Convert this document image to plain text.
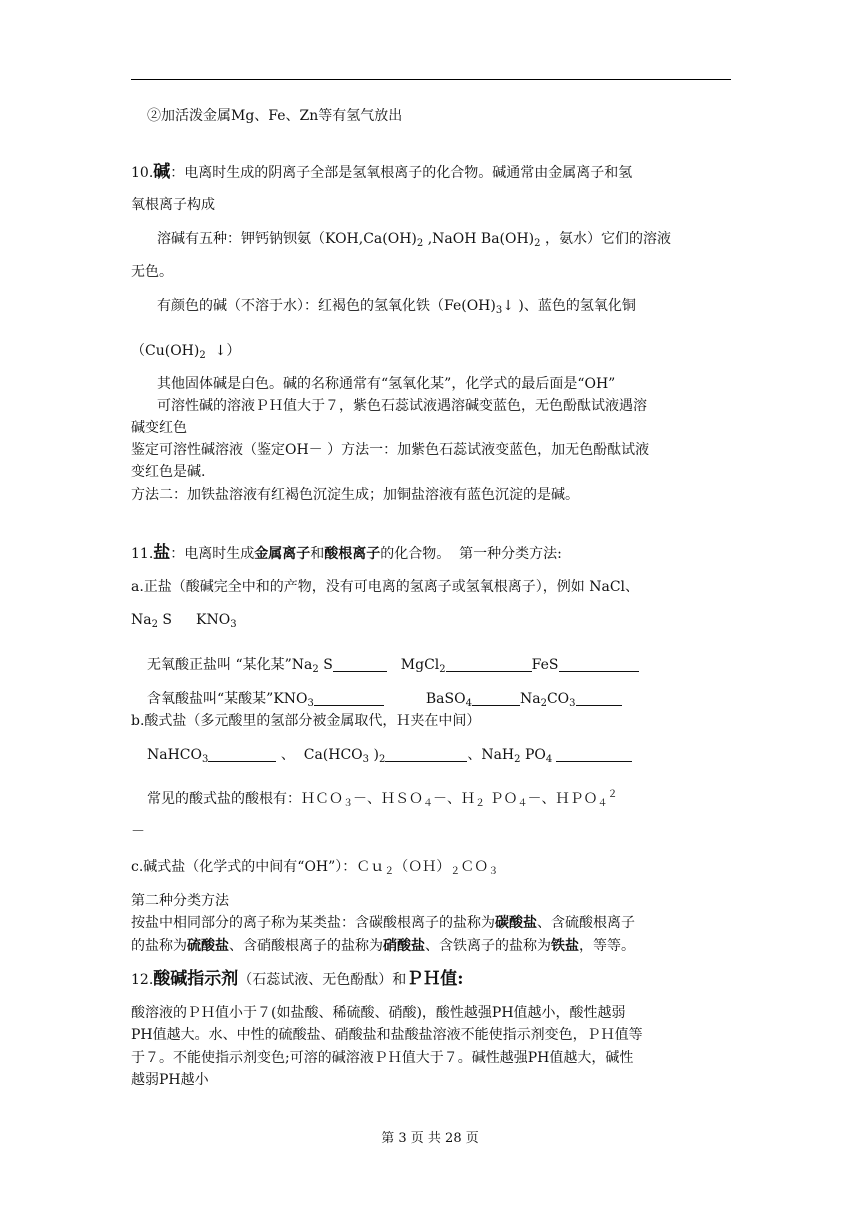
②加活泼金属Mg、Fe、Zn等有氢气放出
10.碱：电离时生成的阴离子全部是氢氧根离子的化合物。碱通常由金属离子和氢
氧根离子构成
溶碱有五种：钾钙钠钡氨（$KOH,Ca(OH)_2$ ,NaOH $Ba(OH)_2$ ，氨水）它们的溶液
无色。
有颜色的碱（不溶于水）：红褐色的氢氧化铁（$Fe(OH)_3↓$ )、蓝色的氢氧化铜
（$Cu(OH)_2$  ↓）
其他固体碱是白色。碱的名称通常有“氢氧化某”，化学式的最后面是“OH”
可溶性碱的溶液ＰＨ值大于７，紫色石蕊试液遇溶碱变蓝色，无色酚酞试液遇溶
碱变红色
鉴定可溶性碱溶液（鉴定OH－ ）方法一：加紫色石蕊试液变蓝色，加无色酚酞试液
变红色是碱.
方法二：加铁盐溶液有红褐色沉淀生成；加铜盐溶液有蓝色沉淀的是碱。
11.盐：电离时生成金属离子和酸根离子的化合物。  第一种分类方法:
a.正盐（酸碱完全中和的产物，没有可电离的氢离子或氢氧根离子），例如 NaCl、
$Na_2$ S $KNO_3$
无氧酸正盐叫 “某化某$”Na_2$ S	MgCl$_2$	FeS
含氧酸盐叫“某酸某$”KNO_3$	BaSO$_4$	$Na_2CO_3$
b.酸式盐（多元酸里的氢部分被金属取代，Ｈ夹在中间）
NaHCO$_3$	、  $Ca(HCO_3$ )$_2$	、NaH$_2$ $PO_4$
常见的酸式盐的酸根有：ＨＣＯ$_3$－、ＨＳＯ$_4$－、Ｈ$_2$ ＰＯ$_4$－、ＨＰＯ$_4^2$
－
c.碱式盐（化学式的中间有“OH”）：$Cu_2(OH)_2CO_3$
第二种分类方法
按盐中相同部分的离子称为某类盐：含碳酸根离子的盐称为碳酸盐、含硫酸根离子
的盐称为硫酸盐、含硝酸根离子的盐称为硝酸盐、含铁离子的盐称为铁盐，等等。
12.酸碱指示剂（石蕊试液、无色酚酞）和ＰＨ值:
酸溶液的ＰＨ值小于７(如盐酸、稀硫酸、硝酸)，酸性越强PH值越小，酸性越弱
PH值越大。水、中性的硫酸盐、硝酸盐和盐酸盐溶液不能使指示剂变色，ＰＨ值等
于７。不能使指示剂变色;可溶的碱溶液ＰＨ值大于７。碱性越强PH值越大，碱性
越弱PH越小
第 3 页 共 28 页
